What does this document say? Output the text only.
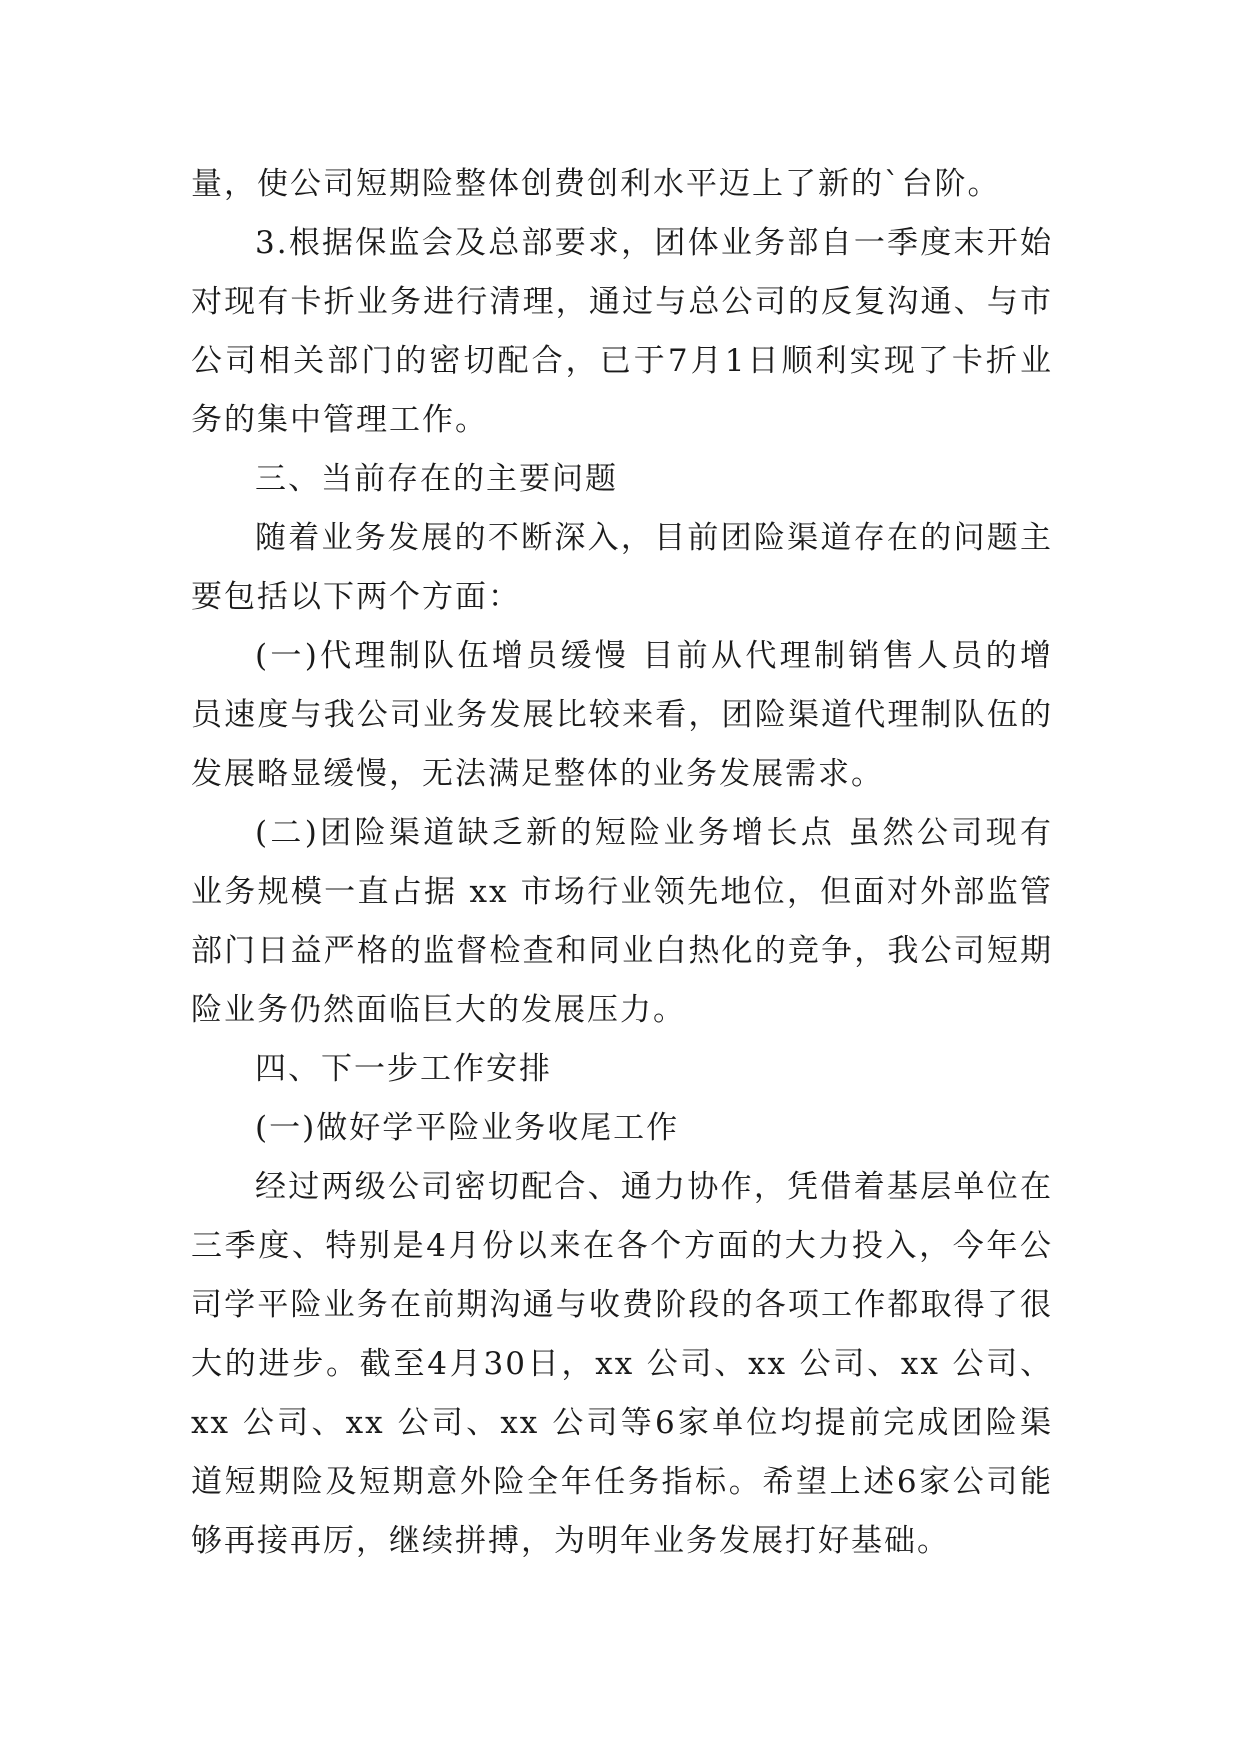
量，使公司短期险整体创费创利水平迈上了新的`台阶。

3.根据保监会及总部要求，团体业务部自一季度末开始对现有卡折业务进行清理，通过与总公司的反复沟通、与市公司相关部门的密切配合，已于7月1日顺利实现了卡折业务的集中管理工作。

三、当前存在的主要问题

随着业务发展的不断深入，目前团险渠道存在的问题主要包括以下两个方面：

(一)代理制队伍增员缓慢 目前从代理制销售人员的增员速度与我公司业务发展比较来看，团险渠道代理制队伍的发展略显缓慢，无法满足整体的业务发展需求。

(二)团险渠道缺乏新的短险业务增长点 虽然公司现有业务规模一直占据 xx 市场行业领先地位，但面对外部监管部门日益严格的监督检查和同业白热化的竞争，我公司短期险业务仍然面临巨大的发展压力。

四、下一步工作安排

(一)做好学平险业务收尾工作

经过两级公司密切配合、通力协作，凭借着基层单位在三季度、特别是4月份以来在各个方面的大力投入，今年公司学平险业务在前期沟通与收费阶段的各项工作都取得了很大的进步。截至4月30日，xx 公司、xx 公司、xx 公司、xx 公司、xx 公司、xx 公司等6家单位均提前完成团险渠道短期险及短期意外险全年任务指标。希望上述6家公司能够再接再厉，继续拼搏，为明年业务发展打好基础。
